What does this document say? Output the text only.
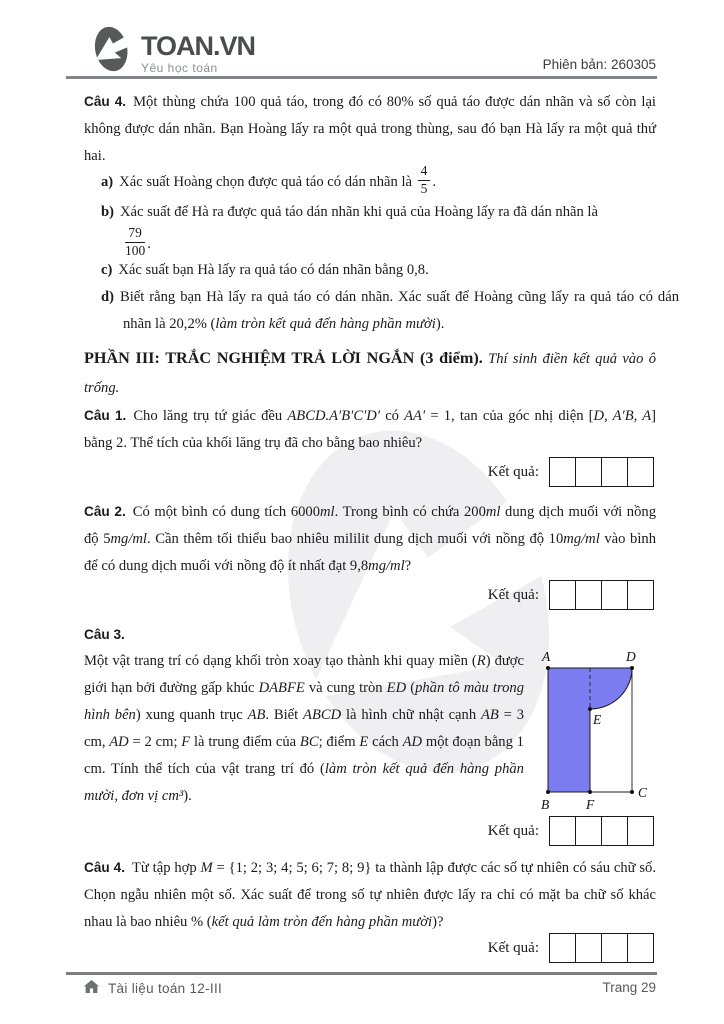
TOAN.VN
Yêu học toán	Phiên bản: 260305

Câu 4. Một thùng chứa 100 quả táo, trong đó có 80% số quả táo được dán nhãn và số còn lại không được dán nhãn. Bạn Hoàng lấy ra một quả trong thùng, sau đó bạn Hà lấy ra một quả thứ hai.

a) Xác suất Hoàng chọn được quả táo có dán nhãn là $\frac{4}{5}$ .

b) Xác suất để Hà ra được quả táo dán nhãn khi quả của Hoàng lấy ra đã dán nhãn là

$\frac{79}{100}$ .

c) Xác suất bạn Hà lấy ra quả táo có dán nhãn bằng 0,8.

d) Biết rằng bạn Hà lấy ra quả táo có dán nhãn. Xác suất để Hoàng cũng lấy ra quả táo có dán nhãn là 20,2% (làm tròn kết quả đến hàng phần mười).

PHẦN III: TRẮC NGHIỆM TRẢ LỜI NGẮN (3 điểm). Thí sinh điền kết quả vào ô trống.

Câu 1. Cho lăng trụ tứ giác đều ABCD.A′B′C′D′ có AA′ = 1, tan của góc nhị diện [D, A′B, A] bằng 2. Thể tích của khối lăng trụ đã cho bằng bao nhiêu?

Kết quả:

Câu 2. Có một bình có dung tích 6000ml. Trong bình có chứa 200ml dung dịch muối với nồng độ 5mg/ml. Cần thêm tối thiểu bao nhiêu mililit dung dịch muối với nồng độ 10mg/ml vào bình để có dung dịch muối với nồng độ ít nhất đạt 9,8mg/ml?

Kết quả:

Câu 3.

Một vật trang trí có dạng khối tròn xoay tạo thành khi quay miền (R) được giới hạn bởi đường gấp khúc DABFE và cung tròn ED (phần tô màu trong hình bên) xung quanh trục AB. Biết ABCD là hình chữ nhật cạnh AB = 3 cm, AD = 2 cm; F là trung điểm của BC; điểm E cách AD một đoạn bằng 1 cm. Tính thể tích của vật trang trí đó (làm tròn kết quả đến hàng phần mười, đơn vị cm³).

A	D
E
B	F
C
Kết quả:

Câu 4. Từ tập hợp M = {1; 2; 3; 4; 5; 6; 7; 8; 9} ta thành lập được các số tự nhiên có sáu chữ số. Chọn ngẫu nhiên một số. Xác suất để trong số tự nhiên được lấy ra chỉ có mặt ba chữ số khác nhau là bao nhiêu % (kết quả làm tròn đến hàng phần mười)?

Kết quả:
Tài liệu toán 12-III	Trang 29
